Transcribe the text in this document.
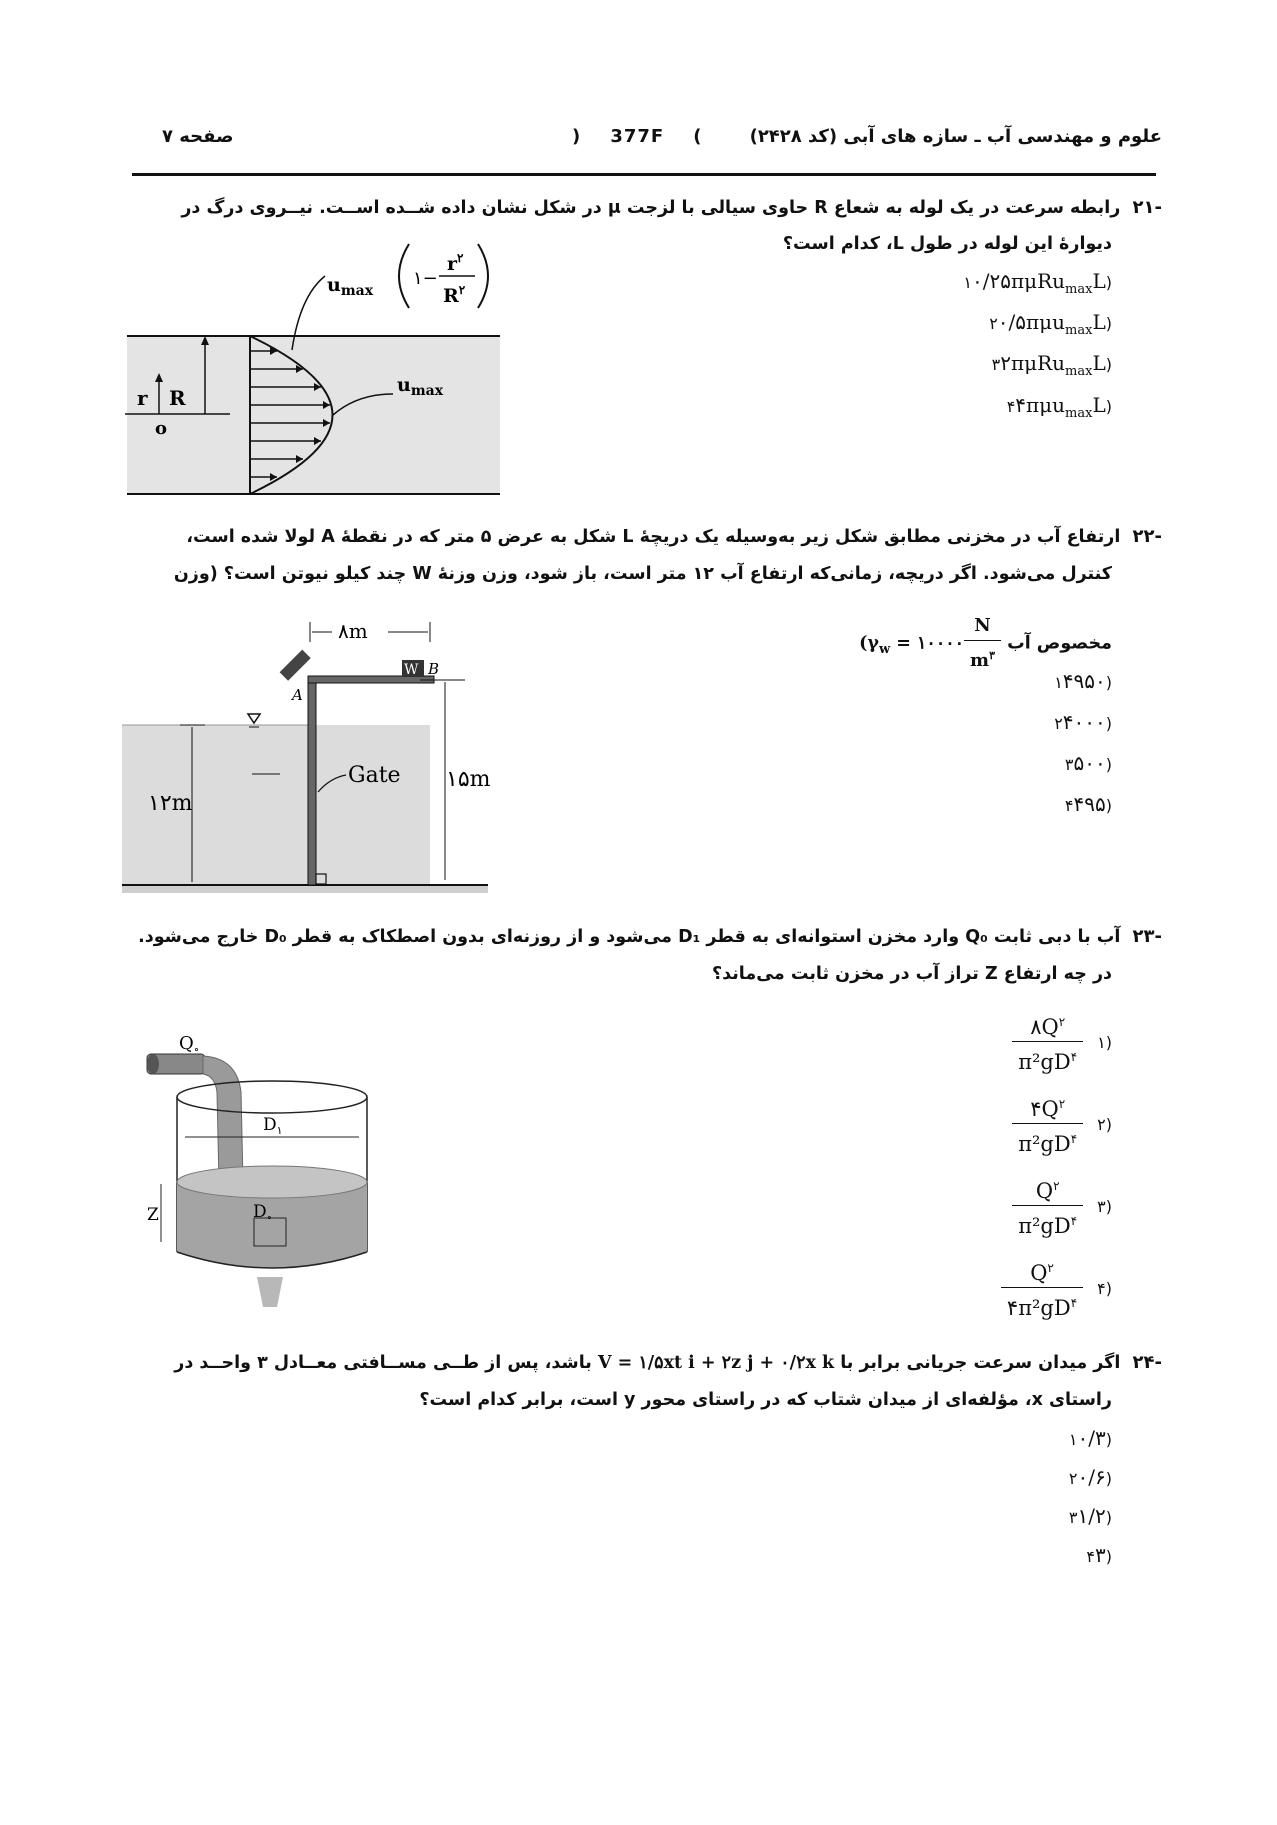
علوم و مهندسی آب ـ سازه های آبی (کد ۲۴۲۸)
) 377F (
صفحه ۷
-۲۱  رابطه سرعت در یک لوله به شعاع R حاوی سیالی با لزجت μ در شکل نشان داده شــده اســت. نیــروی درگ در
دیوارهٔ این لوله در طول L، کدام است؟
(۱۰/۲۵πμRu$_{max}$L
(۲۰/۵πμu$_{max}$L
(۳۲πμRu$_{max}$L
(۴۴πμu$_{max}$L
r R
o
$u_{max}$
$u_{max}$
۱−
$r^۲$
$R^۲$
-۲۲  ارتفاع آب در مخزنی مطابق شکل زیر به‌وسیله یک دریچهٔ L شکل به عرض ۵ متر که در نقطهٔ A لولا شده است،
کنترل می‌شود. اگر دریچه، زمانی‌که ارتفاع آب ۱۲ متر است، باز شود، وزن وزنهٔ W چند کیلو نیوتن است؟ (وزن
مخصوص آب ($\gamma_w$ = ۱۰۰۰۰ $\frac{N}{m^۳}$
(۱۴۹۵۰
(۲۴۰۰۰
(۳۵۰۰
(۴۴۹۵
W B
A
۸m
۱۵m
۱۲m
Gate
-۲۳  آب با دبی ثابت Q₀ وارد مخزن استوانه‌ای به قطر D₁ می‌شود و از روزنه‌ای بدون اصطکاک به قطر D₀ خارج می‌شود.
در چه ارتفاع Z تراز آب در مخزن ثابت می‌ماند؟
(۱
$\frac{۸Q^۲}{\pi^2gD^۴}$
(۲
$\frac{۴Q^۲}{\pi^2gD^۴}$
(۳
$\frac{Q^۲}{\pi^2gD^۴}$
(۴
$\frac{Q^۲}{۴\pi^2gD^۴}$
$D_۱$
$D_\circ$
$Q_\circ$
Z
-۲۴  اگر میدان سرعت جریانی برابر با V = ۱/۵xt i + ۲z j + ۰/۲x k باشد، پس از طــی مســافتی معــادل ۳ واحــد در
راستای x، مؤلفه‌ای از میدان شتاب که در راستای محور y است، برابر کدام است؟
(۱۰/۳
(۲۰/۶
(۳۱/۲
(۴۳
